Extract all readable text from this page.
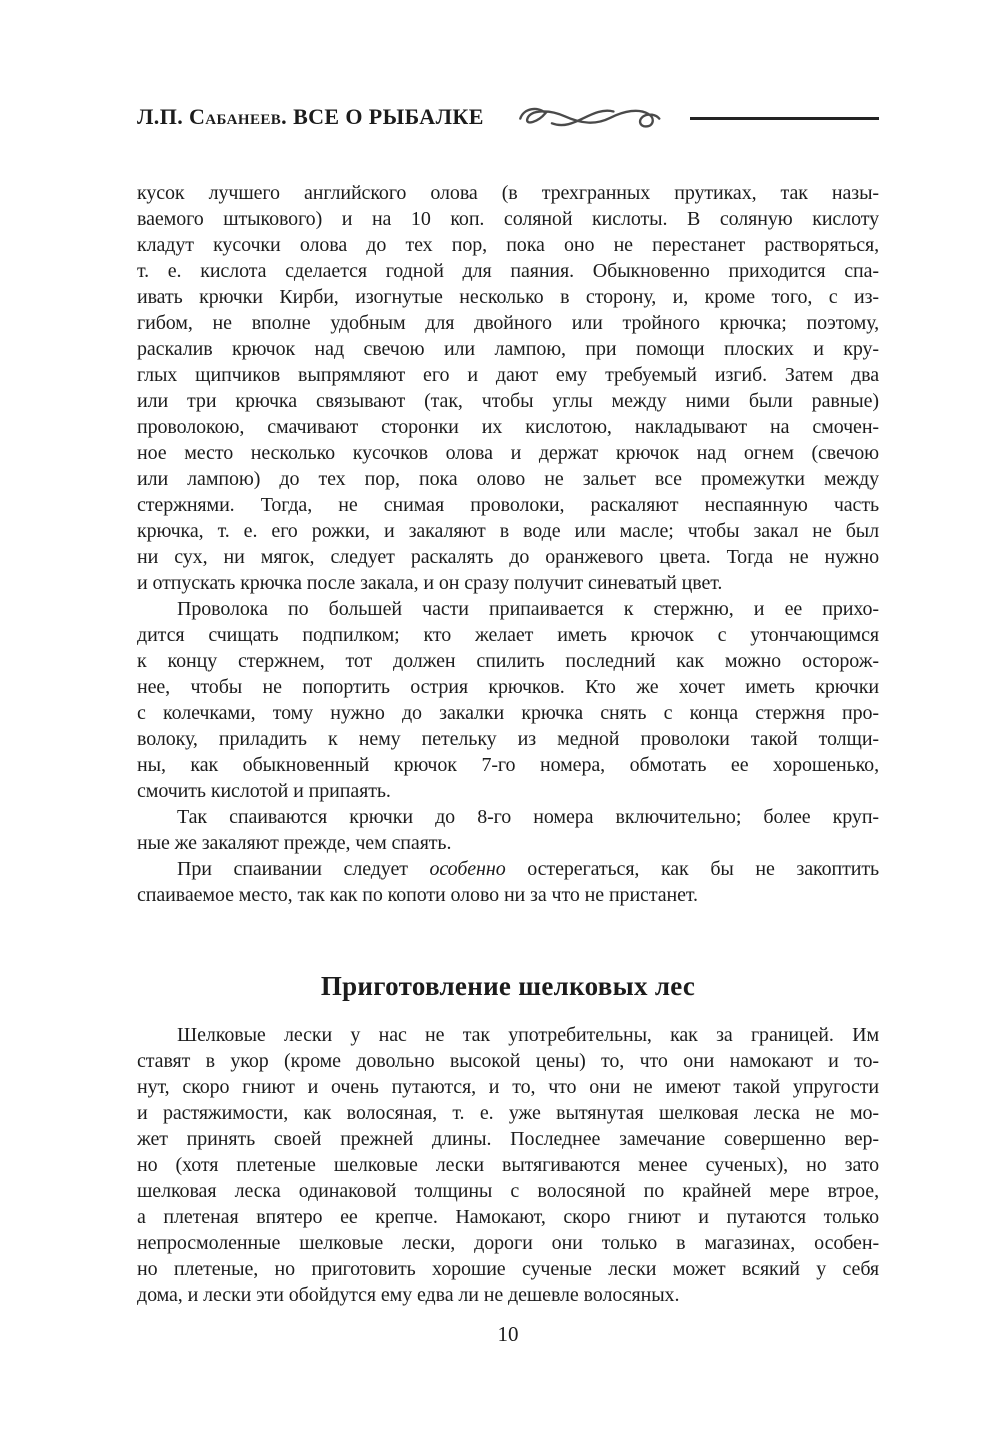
Л.П. Сабанеев. ВСЕ О РЫБАЛКЕ
кусок лучшего английского олова (в трехгранных прутиках, так назы-
ваемого штыкового) и на 10 коп. соляной кислоты. В соляную кислоту
кладут кусочки олова до тех пор, пока оно не перестанет растворяться,
т. е. кислота сделается годной для паяния. Обыкновенно приходится спа-
ивать крючки Кирби, изогнутые несколько в сторону, и, кроме того, с из-
гибом, не вполне удобным для двойного или тройного крючка; поэтому,
раскалив крючок над свечою или лампою, при помощи плоских и кру-
глых щипчиков выпрямляют его и дают ему требуемый изгиб. Затем два
или три крючка связывают (так, чтобы углы между ними были равные)
проволокою, смачивают сторонки их кислотою, накладывают на смочен-
ное место несколько кусочков олова и держат крючок над огнем (свечою
или лампою) до тех пор, пока олово не зальет все промежутки между
стержнями. Тогда, не снимая проволоки, раскаляют неспаянную часть
крючка, т. е. его рожки, и закаляют в воде или масле; чтобы закал не был
ни сух, ни мягок, следует раскалять до оранжевого цвета. Тогда не нужно
и отпускать крючка после закала, и он сразу получит синеватый цвет.
Проволока по большей части припаивается к стержню, и ее прихо-
дится счищать подпилком; кто желает иметь крючок с утончающимся
к концу стержнем, тот должен спилить последний как можно осторож-
нее, чтобы не попортить острия крючков. Кто же хочет иметь крючки
с колечками, тому нужно до закалки крючка снять с конца стержня про-
волоку, приладить к нему петельку из медной проволоки такой толщи-
ны, как обыкновенный крючок 7-го номера, обмотать ее хорошенько,
смочить кислотой и припаять.
Так спаиваются крючки до 8-го номера включительно; более круп-
ные же закаляют прежде, чем спаять.
При спаивании следует особенно остерегаться, как бы не закоптить
спаиваемое место, так как по копоти олово ни за что не пристанет.
Приготовление шелковых лес
Шелковые лески у нас не так употребительны, как за границей. Им
ставят в укор (кроме довольно высокой цены) то, что они намокают и то-
нут, скоро гниют и очень путаются, и то, что они не имеют такой упругости
и растяжимости, как волосяная, т. е. уже вытянутая шелковая леска не мо-
жет принять своей прежней длины. Последнее замечание совершенно вер-
но (хотя плетеные шелковые лески вытягиваются менее сученых), но зато
шелковая леска одинаковой толщины с волосяной по крайней мере втрое,
а плетеная впятеро ее крепче. Намокают, скоро гниют и путаются только
непросмоленные шелковые лески, дороги они только в магазинах, особен-
но плетеные, но приготовить хорошие сученые лески может всякий у себя
дома, и лески эти обойдутся ему едва ли не дешевле волосяных.
10
